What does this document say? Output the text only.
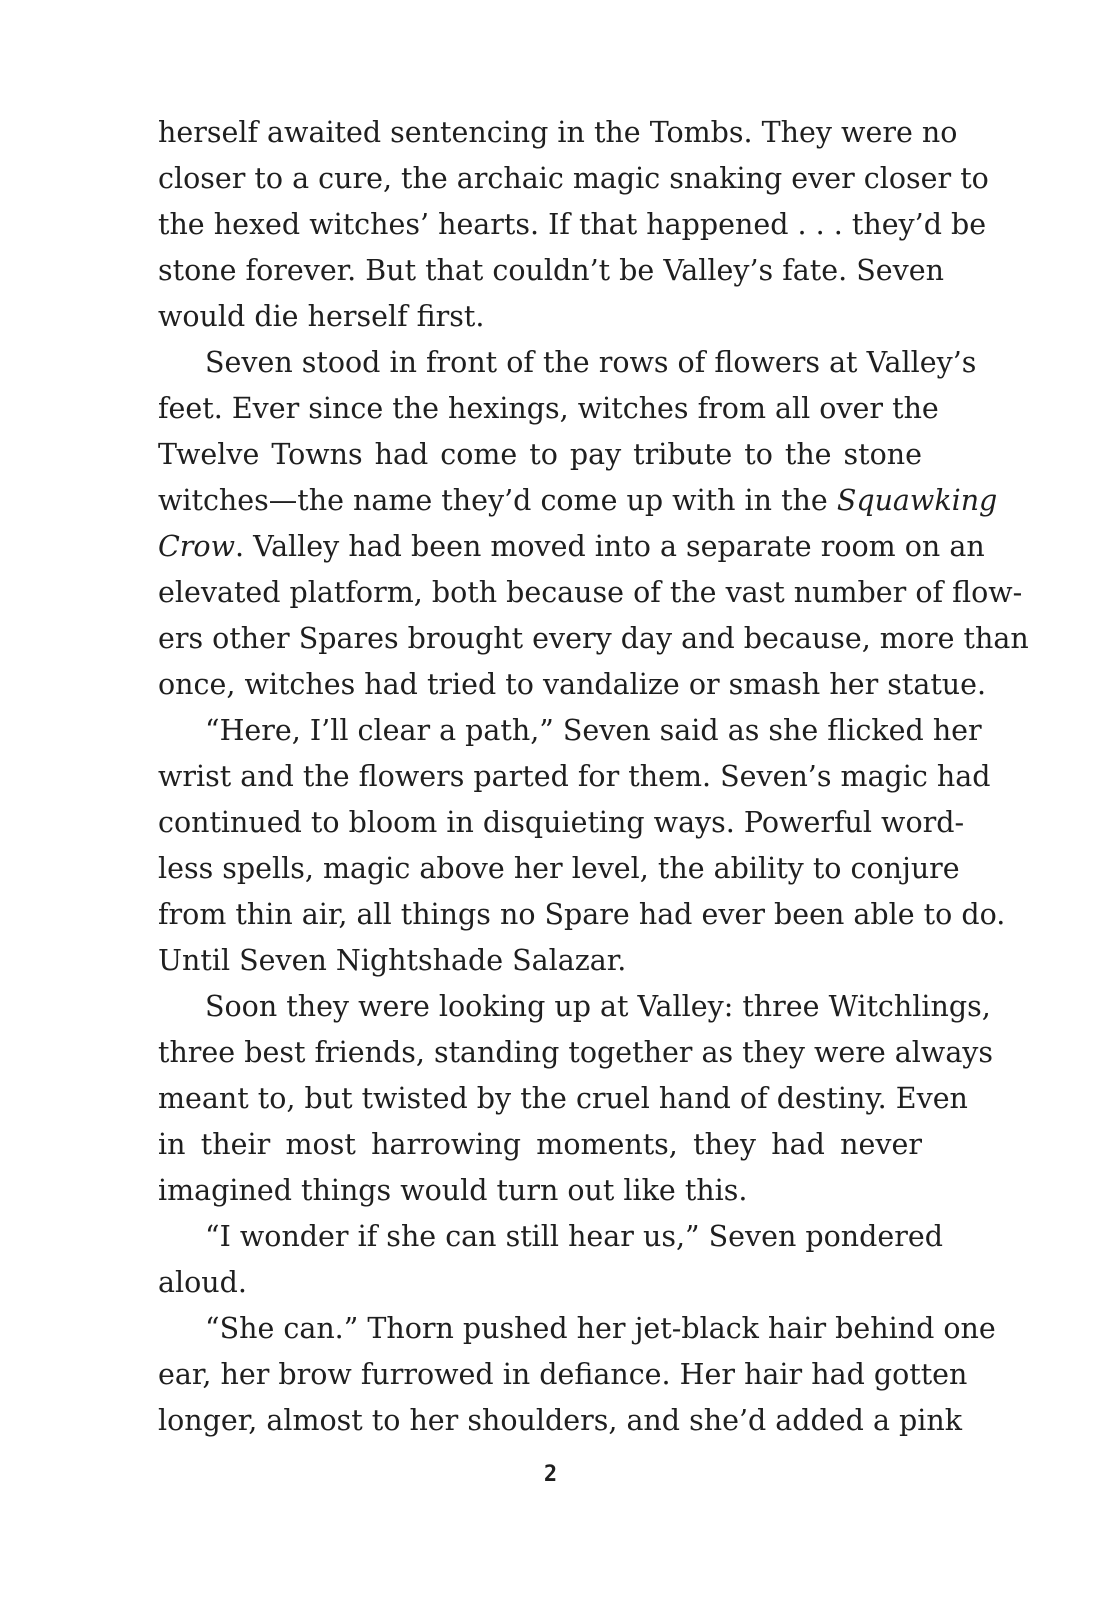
herself awaited sentencing in the Tombs. They were no
closer to a cure, the archaic magic snaking ever closer to
the hexed witches’ hearts. If that happened . . . they’d be
stone forever. But that couldn’t be Valley’s fate. Seven
would die herself first.
Seven stood in front of the rows of flowers at Valley’s
feet. Ever since the hexings, witches from all over the
Twelve Towns had come to pay tribute to the stone
witches—the name they’d come up with in the Squawking
Crow. Valley had been moved into a separate room on an
elevated platform, both because of the vast number of flow-
ers other Spares brought every day and because, more than
once, witches had tried to vandalize or smash her statue.
“Here, I’ll clear a path,” Seven said as she flicked her
wrist and the flowers parted for them. Seven’s magic had
continued to bloom in disquieting ways. Powerful word-
less spells, magic above her level, the ability to conjure
from thin air, all things no Spare had ever been able to do.
Until Seven Nightshade Salazar.
Soon they were looking up at Valley: three Witchlings,
three best friends, standing together as they were always
meant to, but twisted by the cruel hand of destiny. Even
in their most harrowing moments, they had never
imagined things would turn out like this.
“I wonder if she can still hear us,” Seven pondered
aloud.
“She can.” Thorn pushed her jet-black hair behind one
ear, her brow furrowed in defiance. Her hair had gotten
longer, almost to her shoulders, and she’d added a pink
2
